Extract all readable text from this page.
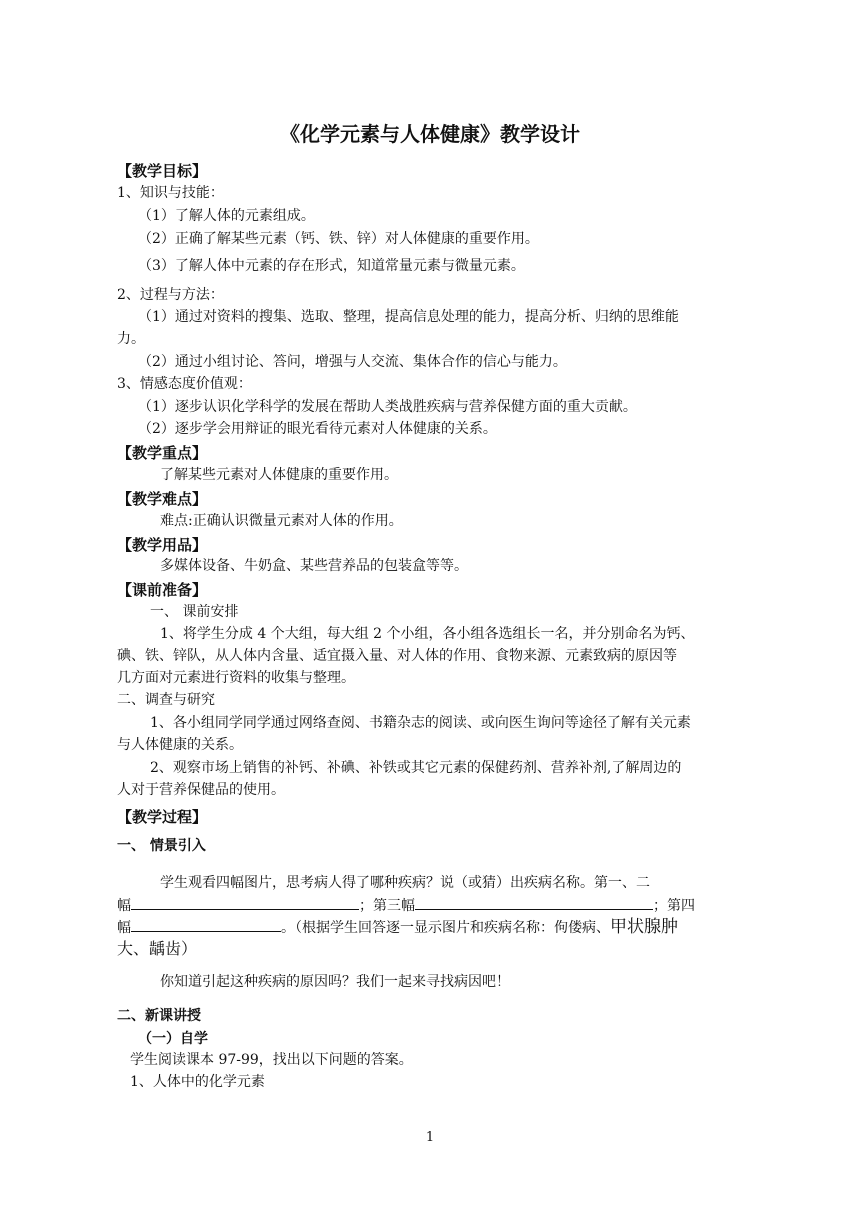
《化学元素与人体健康》教学设计
【教学目标】
1、知识与技能：
（1）了解人体的元素组成。
（2）正确了解某些元素（钙、铁、锌）对人体健康的重要作用。
（3）了解人体中元素的存在形式，知道常量元素与微量元素。
2、过程与方法：
（1）通过对资料的搜集、选取、整理，提高信息处理的能力，提高分析、归纳的思维能
力。
（2）通过小组讨论、答问，增强与人交流、集体合作的信心与能力。
3、情感态度价值观：
（1）逐步认识化学科学的发展在帮助人类战胜疾病与营养保健方面的重大贡献。
（2）逐步学会用辩证的眼光看待元素对人体健康的关系。
【教学重点】
了解某些元素对人体健康的重要作用。
【教学难点】
难点:正确认识微量元素对人体的作用。
【教学用品】
多媒体设备、牛奶盒、某些营养品的包装盒等等。
【课前准备】
一、 课前安排
1、将学生分成 4 个大组，每大组 2 个小组，各小组各选组长一名，并分别命名为钙、
碘、铁、锌队，从人体内含量、适宜摄入量、对人体的作用、食物来源、元素致病的原因等
几方面对元素进行资料的收集与整理。
二、调查与研究
1、各小组同学同学通过网络查阅、书籍杂志的阅读、或向医生询问等途径了解有关元素
与人体健康的关系。
2、观察市场上销售的补钙、补碘、补铁或其它元素的保健药剂、营养补剂,了解周边的
人对于营养保健品的使用。
【教学过程】
一、 情景引入
学生观看四幅图片，思考病人得了哪种疾病？说（或猜）出疾病名称。第一、二
幅	；第三幅	；第四
幅	。（根据学生回答逐一显示图片和疾病名称：佝偻病、甲状腺肿
大、龋齿）
你知道引起这种疾病的原因吗？我们一起来寻找病因吧！
二、新课讲授
（一）自学
学生阅读课本 97-99，找出以下问题的答案。
1、人体中的化学元素
1
